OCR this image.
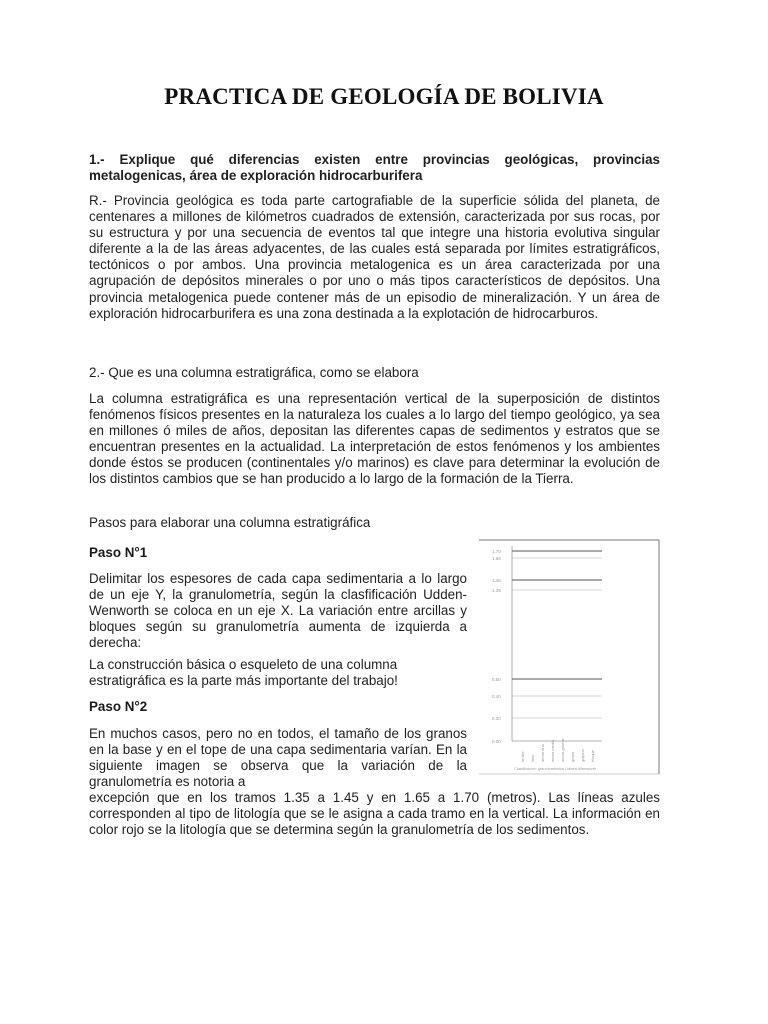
PRACTICA DE GEOLOGÍA DE BOLIVIA
1.- Explique qué diferencias existen entre provincias geológicas, provincias metalogenicas, área de exploración hidrocarburifera
R.- Provincia geológica es toda parte cartografiable de la superficie sólida del planeta, de centenares a millones de kilómetros cuadrados de extensión, caracterizada por sus rocas, por su estructura y por una secuencia de eventos tal que integre una historia evolutiva singular diferente a la de las áreas adyacentes, de las cuales está separada por límites estratigráficos, tectónicos o por ambos. Una provincia metalogenica es un área caracterizada por una agrupación de depósitos minerales o por uno o más tipos característicos de depósitos. Una provincia metalogenica puede contener más de un episodio de mineralización. Y un área de exploración hidrocarburifera es una zona destinada a la explotación de hidrocarburos.
2.- Que es una columna estratigráfica, como se elabora
La columna estratigráfica es una representación vertical de la superposición de distintos fenómenos físicos presentes en la naturaleza los cuales a lo largo del tiempo geológico, ya sea en millones ó miles de años, depositan las diferentes capas de sedimentos y estratos que se encuentran presentes en la actualidad. La interpretación de estos fenómenos y los ambientes donde éstos se producen (continentales y/o marinos) es clave para determinar la evolución de los distintos cambios que se han producido a lo largo de la formación de la Tierra.
Pasos para elaborar una columna estratigráfica
Paso N°1
Delimitar los espesores de cada capa sedimentaria a lo largo de un eje Y, la granulometría, según la clasfificación Udden-Wenworth se coloca en un eje X. La variación entre arcillas y bloques según su granulometría aumenta de izquierda a derecha:
La construcción básica o esqueleto de una columna estratigráfica es la parte más importante del trabajo!
Paso N°2
En muchos casos, pero no en todos, el tamaño de los granos en la base y en el tope de una capa sedimentaria varían. En la siguiente imagen se observa que la variación de la granulometría es notoria a
excepción que en los tramos 1.35 a 1.45 y en 1.65 a 1.70 (metros). Las líneas azules corresponden al tipo de litología que se le asigna a cada tramo en la vertical. La información en color rojo se la litología que se determina según la granulometría de los sedimentos.
1.70
1.65
1.45
1.35
0.50
0.40
0.20
0.00
arcilla limo arena fina arena media arena gruesa grava guijarro bloque
Clasificación granulométrica Udden-Wenworth
